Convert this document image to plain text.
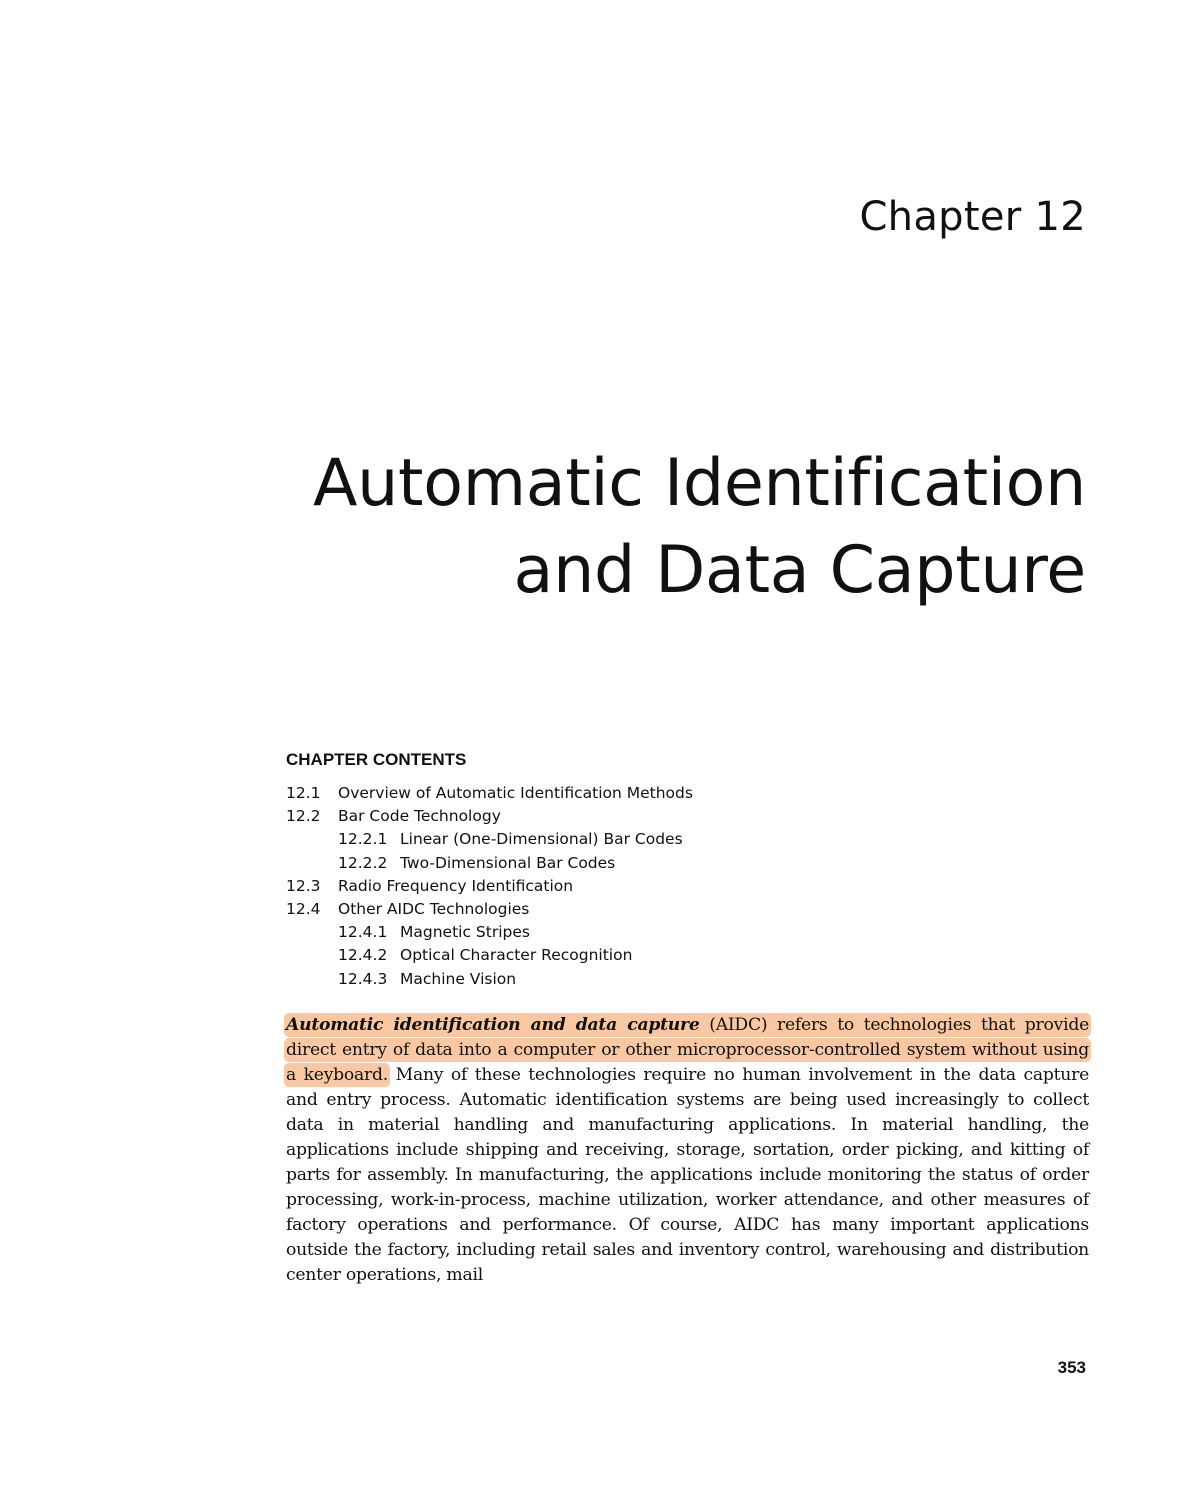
Chapter 12
Automatic Identification
and Data Capture
CHAPTER CONTENTS
12.1 Overview of Automatic Identification Methods
12.2 Bar Code Technology
12.2.1 Linear (One-Dimensional) Bar Codes
12.2.2 Two-Dimensional Bar Codes
12.3 Radio Frequency Identification
12.4 Other AIDC Technologies
12.4.1 Magnetic Stripes
12.4.2 Optical Character Recognition
12.4.3 Machine Vision

Automatic identification and data capture (AIDC) refers to technologies that provide direct entry of data into a computer or other microprocessor-controlled system without using a keyboard. Many of these technologies require no human involvement in the data capture and entry process. Automatic identification systems are being used increasingly to collect data in material handling and manufacturing applications. In material handling, the applications include shipping and receiving, storage, sortation, order picking, and kitting of parts for assembly. In manufacturing, the applications include monitoring the status of order processing, work-in-process, machine utilization, worker attendance, and other measures of factory operations and performance. Of course, AIDC has many important applications outside the factory, including retail sales and inventory control, warehousing and distribution center operations, mail

353
